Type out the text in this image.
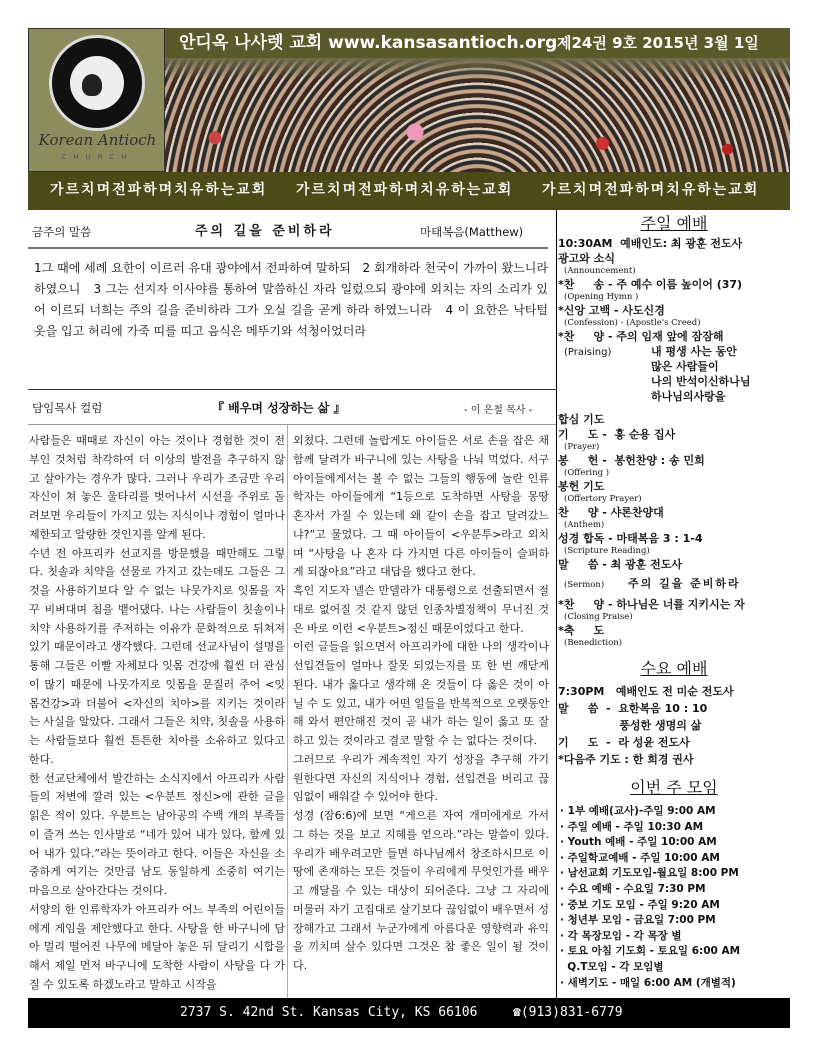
Korean Antioch
CHURCH
안디옥 나사렛 교회 www.kansasantioch.org 제24권 9호 2015년 3월 1일
가르치며전파하며치유하는교회 가르치며전파하며치유하는교회 가르치며전파하며치유하는교회
금주의 말씀	주의 길을 준비하라	마태복음(Matthew)
1그 때에 세례 요한이 이르러 유대 광야에서 전파하여 말하되   2 회개하라 천국이 가까이 왔느니라 하였으니   3 그는 선지자 이사야를 통하여 말씀하신 자라 일렀으되 광야에 외치는 자의 소리가 있어 이르되 너희는 주의 길을 준비하라 그가 오실 길을 곧게 하라 하였느니라   4 이 요한은 낙타털 옷을 입고 허리에 가죽 띠를 띠고 음식은 메뚜기와 석청이었더라
담임목사 컬럼	『 배우며 성장하는 삶 』	- 이 은철 목사 -

사람들은 때때로 자신이 아는 것이나 경험한 것이 전부인 것처럼 착각하여 더 이상의 발전을 추구하지 않고 살아가는 경우가 많다. 그러나 우리가 조금만 우리 자신이 쳐 놓은 울타리를 벗어나서 시선을 주위로 돌려보면 우리들이 가지고 있는 지식이나 경험이 얼마나 제한되고 알량한 것인지를 알게 된다.

수년 전 아프리카 선교지를 방문했을 때만해도 그렇다. 칫솔과 치약을 선물로 가지고 갔는데도 그들은 그것을 사용하기보다 알 수 없는 나뭇가지로 잇몸을 자꾸 비벼대며 침을 뱉어댔다. 나는 사람들이 칫솔이나 치약 사용하기를 주저하는 이유가 문화적으로 뒤쳐져 있기 때문이라고 생각했다. 그런데 선교사님이 설명을 통해 그들은 이빨 자체보다 잇몸 건강에 훨씬 더 관심이 많기 때문에 나뭇가지로 잇몸을 문질러 주어 <잇몸건강>과 더불어 <자신의 치아>를 지키는 것이라는 사실을 알았다. 그래서 그들은 치약, 칫솔을 사용하는 사람들보다 훨씬 튼튼한 치아를 소유하고 있다고 한다.

한 선교단체에서 발간하는 소식지에서 아프리카 사람들의 저변에 깔려 있는 <우분트 정신>에 관한 글을 읽은 적이 있다. 우분트는 남아공의 수백 개의 부족들이 즐겨 쓰는 인사말로 “네가 있어 내가 있다, 함께 있어 내가 있다.”라는 뜻이라고 한다. 이들은 자신을 소중하게 여기는 것만큼 남도 동일하게 소중히 여기는 마음으로 살아간다는 것이다.

서양의 한 인류학자가 아프리카 어느 부족의 어린이들에게 게임을 제안했다고 한다. 사탕을 한 바구니에 담아 멀리 떨어진 나무에 메달아 놓은 뒤 달리기 시합을 해서 제일 먼저 바구니에 도착한 사람이 사탕을 다 가질 수 있도록 하겠노라고 말하고 시작을

외쳤다. 그런데 놀랍게도 아이들은 서로 손을 잡은 채 함께 달려가 바구니에 있는 사탕을 나눠 먹었다. 서구아이들에게서는 볼 수 없는 그들의 행동에 놀란 인류학자는 아이들에게 “1등으로 도착하면 사탕을 몽땅 혼자서 가질 수 있는데 왜 같이 손을 잡고 달려갔느냐?”고 물었다. 그 때 아이들이 <우분투>라고 외치며 “사탕을 나 혼자 다 가지면 다른 아이들이 슬퍼하게 되잖아요”라고 대답을 했다고 한다.

흑인 지도자 넬슨 만델라가 대통령으로 선출되면서 절대로 없어질 것 같지 않던 인종차별정책이 무너진 것은 바로 이런 <우분트>정신 때문이었다고 한다.

이런 글들을 읽으면서 아프리카에 대한 나의 생각이나 선입견들이 얼마나 잘못 되었는지를 또 한 번 깨닫게 된다. 내가 옳다고 생각해 온 것들이 다 옳은 것이 아닐 수 도 있고, 내가 어떤 일들을 반복적으로 오랫동안 해 와서 편안해진 것이 곧 내가 하는 일이 옳고 또 잘하고 있는 것이라고 결코 말할 수 는 없다는 것이다.

그러므로 우리가 계속적인 자기 성장을 추구해 가기 원한다면 자신의 지식이나 경험, 선입견을 버리고 끊임없이 배워갈 수 있어야 한다.

성경 (잠6:6)에 보면 “게으른 자여 개미에게로 가서 그 하는 것을 보고 지혜를 얻으라.”라는 말씀이 있다. 우리가 배우려고만 들면 하나님께서 창조하시므로 이 땅에 존재하는 모든 것들이 우리에게 무엇인가를 배우고 깨달을 수 있는 대상이 되어준다. 그냥 그 자리에 머물러 자기 고집대로 살기보다 끊임없이 배우면서 성장해가고 그래서 누군가에게 아름다운 영향력과 유익을 끼치며 살수 있다면 그것은 참 좋은 일이 될 것이다.

주일 예배
10:30AM  예배인도: 최 광훈 전도사
광고와 소식
(Announcement)
*찬     송 - 주 예수 이름 높이어 (37)
(Opening Hymn )
*신앙 고백 - 사도신경
(Confession) - (Apostle's Creed)
*찬     양 - 주의 임재 앞에 잠잠해
(Praising)	내 평생 사는 동안
많은 사람들이
나의 반석이신하나님
하나님의사랑을
합심 기도
기     도 -  홍 순용 집사
(Prayer)
봉     헌 -  봉헌찬양 : 송 민희
(Offering )
봉헌 기도
(Offertory Prayer)
찬     양 - 샤론찬양대
(Anthem)
성경 합독 - 마태복음 3 : 1-4
(Scripture Reading)
말     씀 - 최 광훈 전도사
(Sermon) 주의 길을 준비하라
*찬     양 - 하나님은 너를 지키시는 자
(Closing Praise)
*축     도
(Benediction)
수요 예배
7:30PM   예배인도 전 미순 전도사
말     씀  -  요한복음 10 : 10
풍성한 생명의 삶
기     도  -  라 성윤 전도사
*다음주 기도 : 한 희경 권사
이번 주 모임
· 1부 예배(교사)-주일 9:00 AM
· 주일 예배 - 주일 10:30 AM
· Youth 예배 - 주일 10:00 AM
· 주일학교예배 - 주일 10:00 AM
· 남선교회 기도모임-월요일 8:00 PM
· 수요 예배 - 수요일 7:30 PM
· 중보 기도 모임 - 주일 9:20 AM
· 청년부 모임 - 금요일 7:00 PM
· 각 목장모임 - 각 목장 별
· 토요 아침 기도회 - 토요일 6:00 AM
Q.T모임 - 각 모임별
· 새벽기도 - 매일 6:00 AM (개별적)
2737 S. 42nd St. Kansas City, KS 66106	☎(913)831-6779
